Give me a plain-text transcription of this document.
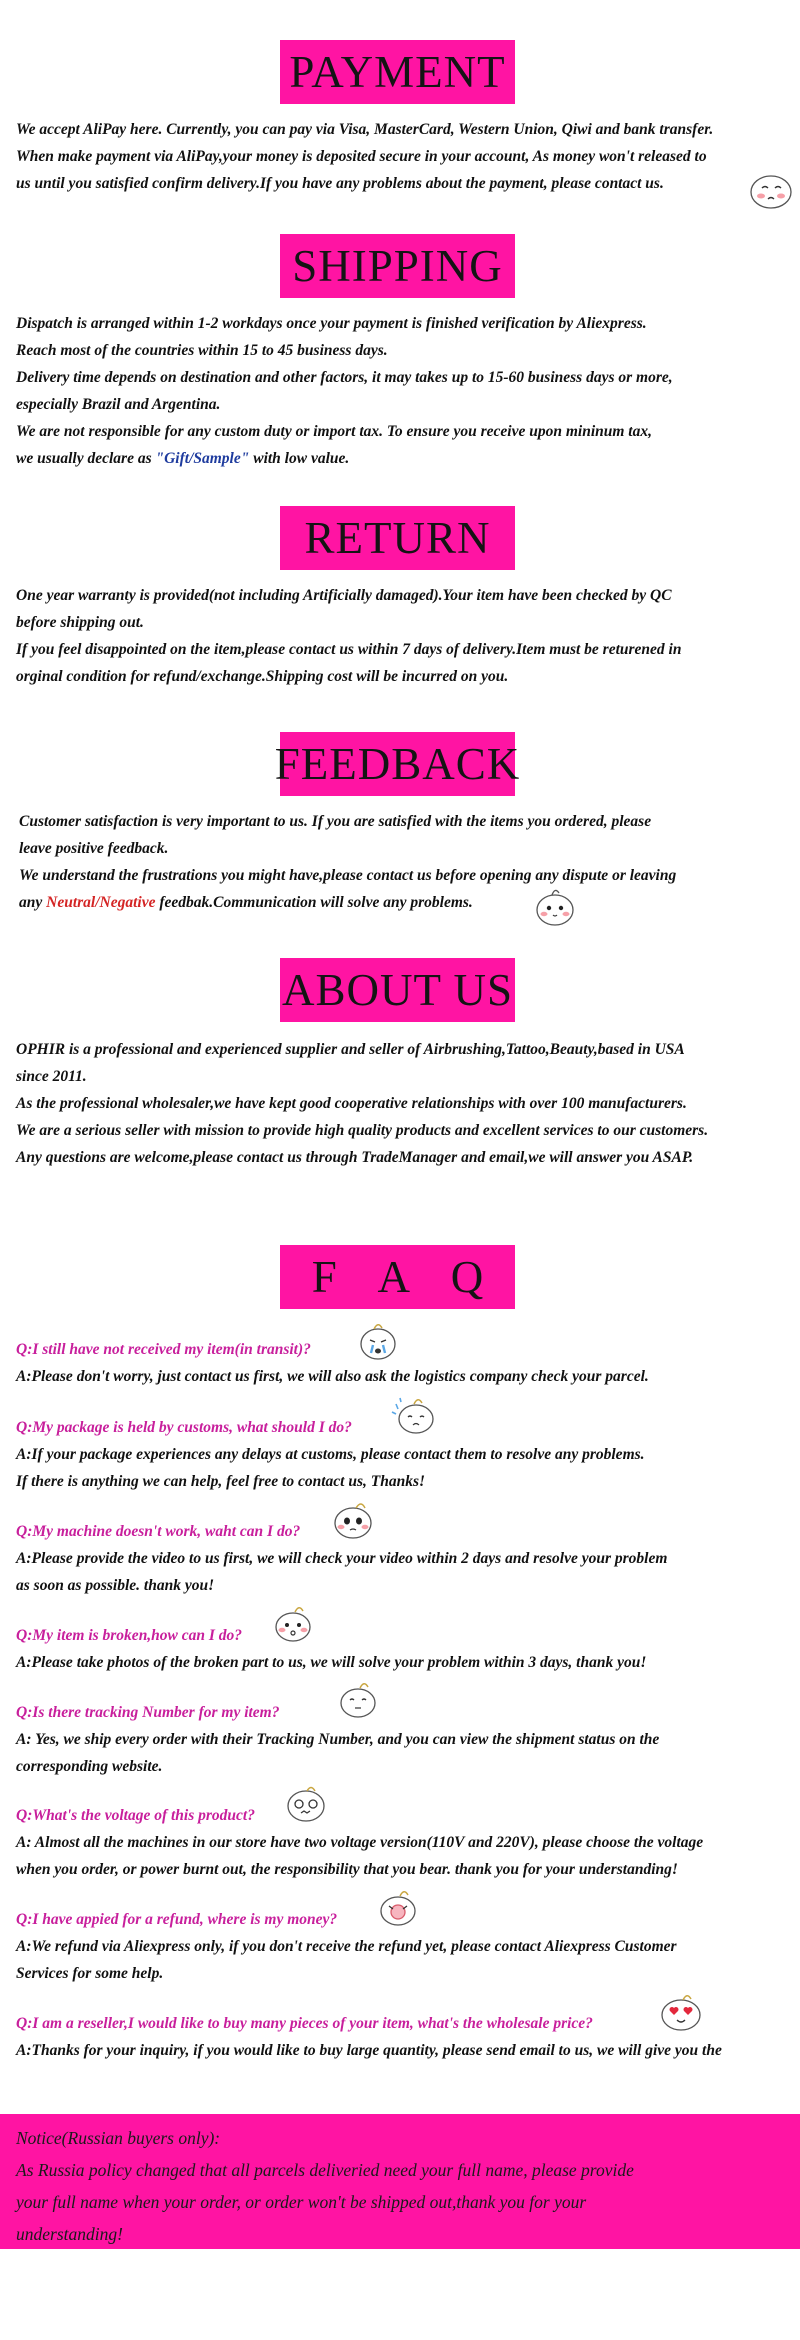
PAYMENT

We accept AliPay here. Currently, you can pay via Visa, MasterCard, Western Union, Qiwi and bank transfer.

When make payment via AliPay,your money is deposited secure in your account, As money won't released to

us until you satisfied confirm delivery.If you have any problems about the payment, please contact us.

SHIPPING

Dispatch is arranged within 1-2 workdays once your payment is finished verification by Aliexpress.

Reach most of the countries within 15 to 45 business days.

Delivery time depends on destination and other factors, it may takes up to 15-60 business days or more,

especially Brazil and Argentina.

We are not responsible for any custom duty or import tax. To ensure you receive upon mininum tax,

we usually declare as "Gift/Sample" with low value.

RETURN

One year warranty is provided(not including Artificially damaged).Your item have been checked by QC

before shipping out.

If you feel disappointed on the item,please contact us within 7 days of delivery.Item must be returened in

orginal condition for refund/exchange.Shipping cost will be incurred on you.

FEEDBACK

Customer satisfaction is very important to us. If you are satisfied with the items you ordered, please

leave positive feedback.

We understand the frustrations you might have,please contact us before opening any dispute or leaving

any Neutral/Negative feedbak.Communication will solve any problems.

ABOUT US

OPHIR is a professional and experienced supplier and seller of Airbrushing,Tattoo,Beauty,based in USA

since 2011.

As the professional wholesaler,we have kept good cooperative relationships with over 100 manufacturers.

We are a serious seller with mission to provide high quality products and excellent services to our customers.

Any questions are welcome,please contact us through TradeManager and email,we will answer you ASAP.

F A Q

Q:I still have not received my item(in transit)?

A:Please don't worry, just contact us first, we will also ask the logistics company check your parcel.

Q:My package is held by customs, what should I do?

A:If your package experiences any delays at customs, please contact them to resolve any problems.

If there is anything we can help, feel free to contact us, Thanks!

Q:My machine doesn't work, waht can I do?

A:Please provide the video to us first, we will check your video within 2 days and resolve your problem

as soon as possible. thank you!

Q:My item is broken,how can I do?

A:Please take photos of the broken part to us, we will solve your problem within 3 days, thank you!

Q:Is there tracking Number for my item?

A: Yes, we ship every order with their Tracking Number, and you can view the shipment status on the

corresponding website.

Q:What's the voltage of this product?

A: Almost all the machines in our store have two voltage version(110V and 220V), please choose the voltage

when you order, or power burnt out, the responsibility that you bear. thank you for your understanding!

Q:I have appied for a refund, where is my money?

A:We refund via Aliexpress only, if you don't receive the refund yet, please contact Aliexpress Customer

Services for some help.

Q:I am a reseller,I would like to buy many pieces of your item, what's the wholesale price?

A:Thanks for your inquiry, if you would like to buy large quantity, please send email to us, we will give you the

Notice(Russian buyers only):

As Russia policy changed that all parcels deliveried need your full name, please provide

your full name when your order, or order won't be shipped out,thank you for your

understanding!
